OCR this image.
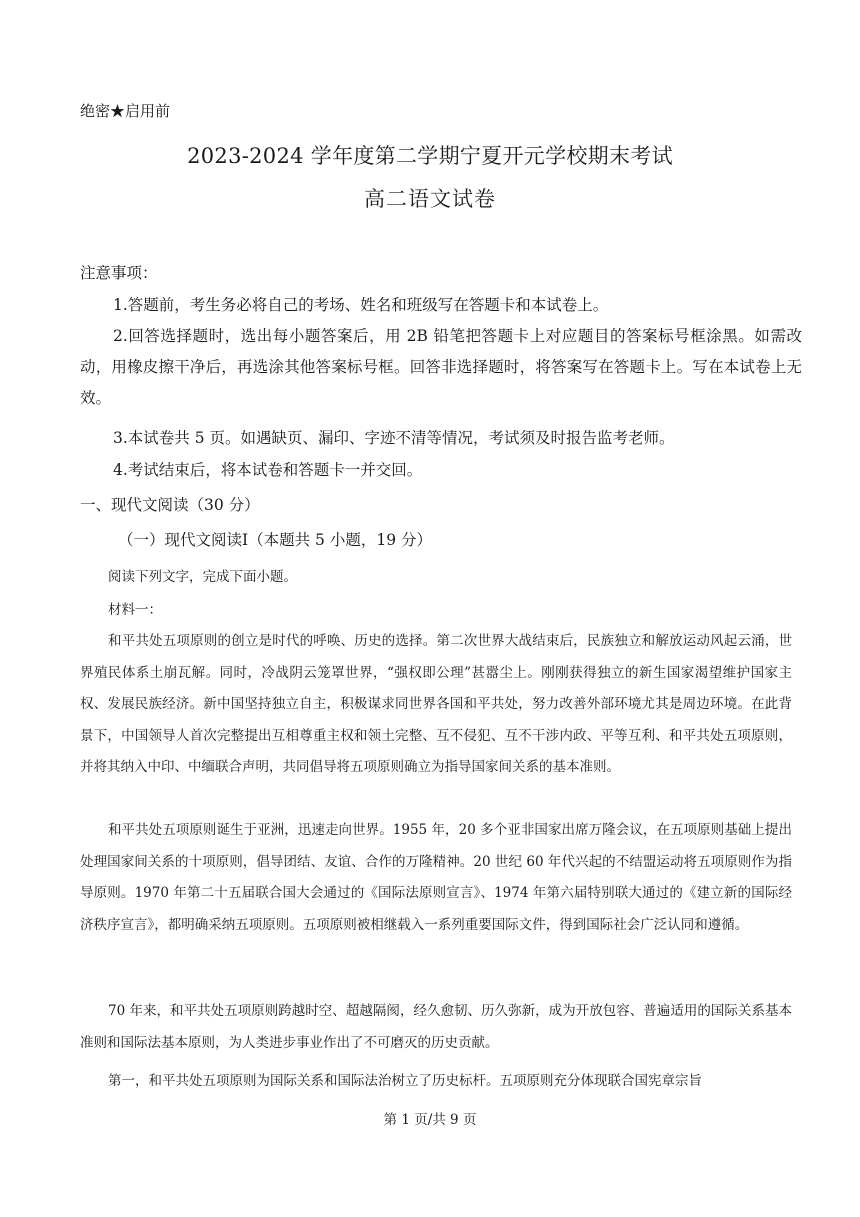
绝密★启用前
2023-2024 学年度第二学期宁夏开元学校期末考试
高二语文试卷
注意事项：

1.答题前，考生务必将自己的考场、姓名和班级写在答题卡和本试卷上。

2.回答选择题时，选出每小题答案后，用 2B 铅笔把答题卡上对应题目的答案标号框涂黑。如需改动，用橡皮擦干净后，再选涂其他答案标号框。回答非选择题时，将答案写在答题卡上。写在本试卷上无效。

3.本试卷共 5 页。如遇缺页、漏印、字迹不清等情况，考试须及时报告监考老师。

4.考试结束后，将本试卷和答题卡一并交回。

一、现代文阅读（30 分）
（一）现代文阅读Ⅰ（本题共 5 小题，19 分）
阅读下列文字，完成下面小题。
材料一：

和平共处五项原则的创立是时代的呼唤、历史的选择。第二次世界大战结束后，民族独立和解放运动风起云涌，世界殖民体系土崩瓦解。同时，冷战阴云笼罩世界，“强权即公理”甚嚣尘上。刚刚获得独立的新生国家渴望维护国家主权、发展民族经济。新中国坚持独立自主，积极谋求同世界各国和平共处，努力改善外部环境尤其是周边环境。在此背景下，中国领导人首次完整提出互相尊重主权和领土完整、互不侵犯、互不干涉内政、平等互利、和平共处五项原则，并将其纳入中印、中缅联合声明，共同倡导将五项原则确立为指导国家间关系的基本准则。

和平共处五项原则诞生于亚洲，迅速走向世界。1955 年，20 多个亚非国家出席万隆会议，在五项原则基础上提出处理国家间关系的十项原则，倡导团结、友谊、合作的万隆精神。20 世纪 60 年代兴起的不结盟运动将五项原则作为指导原则。1970 年第二十五届联合国大会通过的《国际法原则宣言》、1974 年第六届特别联大通过的《建立新的国际经济秩序宣言》，都明确采纳五项原则。五项原则被相继载入一系列重要国际文件，得到国际社会广泛认同和遵循。

70 年来，和平共处五项原则跨越时空、超越隔阂，经久愈韧、历久弥新，成为开放包容、普遍适用的国际关系基本准则和国际法基本原则，为人类进步事业作出了不可磨灭的历史贡献。

第一，和平共处五项原则为国际关系和国际法治树立了历史标杆。五项原则充分体现联合国宪章宗旨

第 1 页/共 9 页
